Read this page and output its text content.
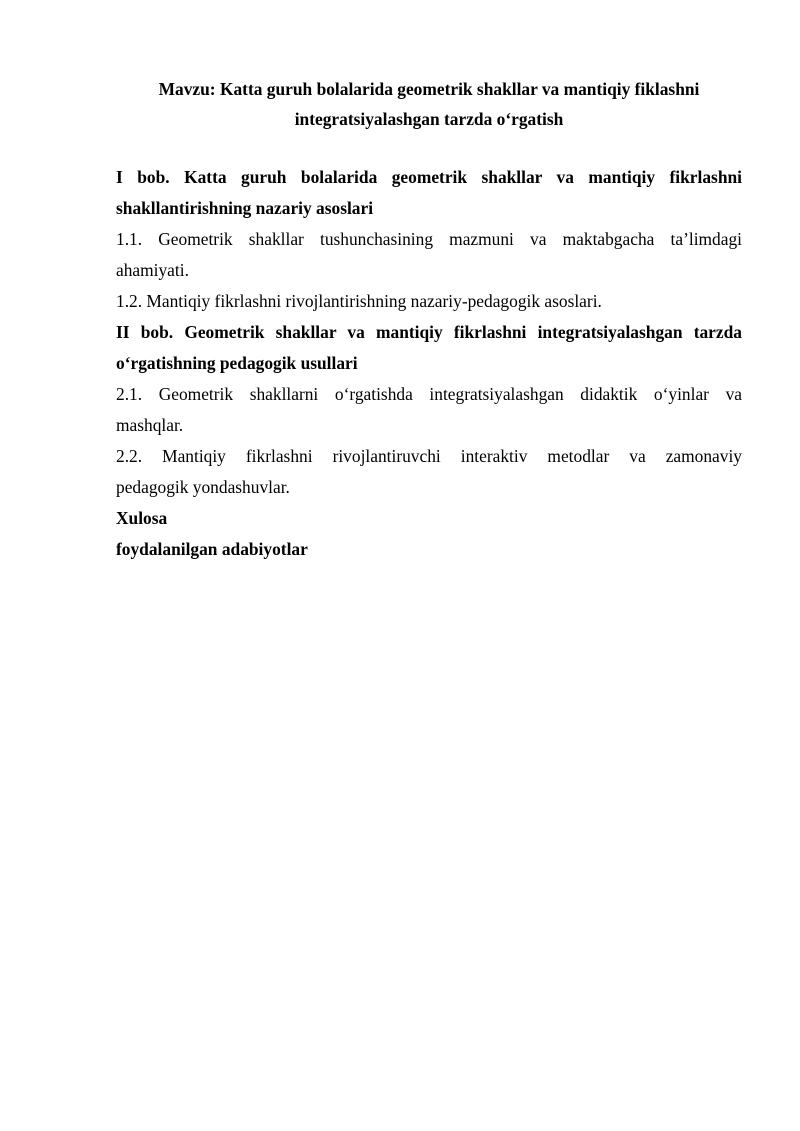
Mavzu: Katta guruh bolalarida geometrik shakllar va mantiqiy fiklashni
integratsiyalashgan tarzda o‘rgatish

I bob. Katta guruh bolalarida geometrik shakllar va mantiqiy fikrlashni
shakllantirishning nazariy asoslari

1.1. Geometrik shakllar tushunchasining mazmuni va maktabgacha ta’limdagi
ahamiyati.

1.2. Mantiqiy fikrlashni rivojlantirishning nazariy-pedagogik asoslari.

II bob. Geometrik shakllar va mantiqiy fikrlashni integratsiyalashgan tarzda
o‘rgatishning pedagogik usullari

2.1. Geometrik shakllarni o‘rgatishda integratsiyalashgan didaktik o‘yinlar va
mashqlar.

2.2. Mantiqiy fikrlashni rivojlantiruvchi interaktiv metodlar va zamonaviy
pedagogik yondashuvlar.

Xulosa

foydalanilgan adabiyotlar
